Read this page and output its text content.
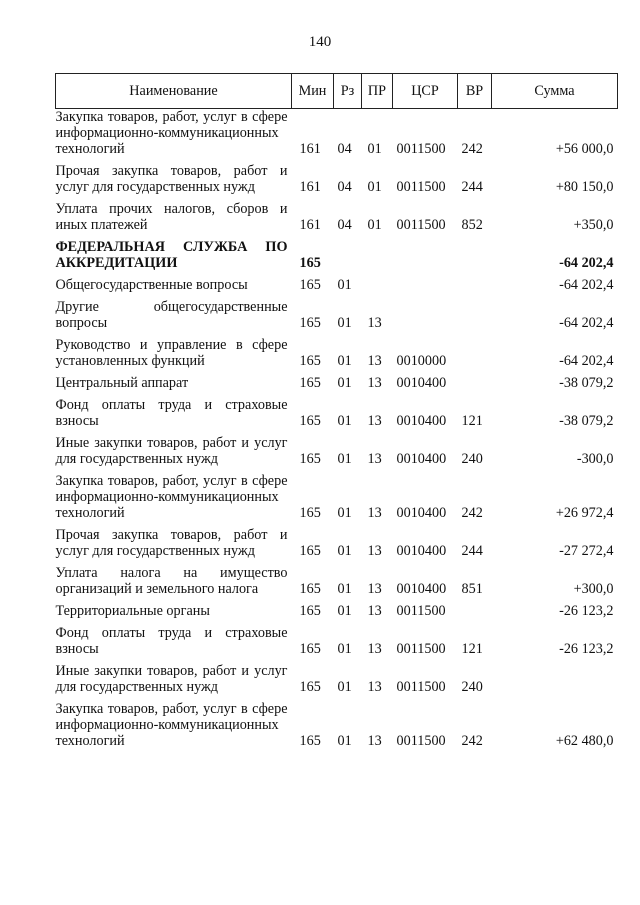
140
Наименование	Мин	Рз	ПР	ЦСР	ВР	Сумма
Закупка товаров, работ, услуг в сфере информационно-коммуникационных технологий	161	04	01	0011500	242	+56 000,0
Прочая закупка товаров, работ и услуг для государственных нужд	161	04	01	0011500	244	+80 150,0
Уплата прочих налогов, сборов и иных платежей	161	04	01	0011500	852	+350,0
ФЕДЕРАЛЬНАЯ СЛУЖБА ПО АККРЕДИТАЦИИ	165					-64 202,4
Общегосударственные вопросы	165	01				-64 202,4
Другие общегосударственные вопросы	165	01	13			-64 202,4
Руководство и управление в сфере установленных функций	165	01	13	0010000		-64 202,4
Центральный аппарат	165	01	13	0010400		-38 079,2
Фонд оплаты труда и страховые взносы	165	01	13	0010400	121	-38 079,2
Иные закупки товаров, работ и услуг для государственных нужд	165	01	13	0010400	240	-300,0
Закупка товаров, работ, услуг в сфере информационно-коммуникационных технологий	165	01	13	0010400	242	+26 972,4
Прочая закупка товаров, работ и услуг для государственных нужд	165	01	13	0010400	244	-27 272,4
Уплата налога на имущество организаций и земельного налога	165	01	13	0010400	851	+300,0
Территориальные органы	165	01	13	0011500		-26 123,2
Фонд оплаты труда и страховые взносы	165	01	13	0011500	121	-26 123,2
Иные закупки товаров, работ и услуг для государственных нужд	165	01	13	0011500	240	
Закупка товаров, работ, услуг в сфере информационно-коммуникационных технологий	165	01	13	0011500	242	+62 480,0
